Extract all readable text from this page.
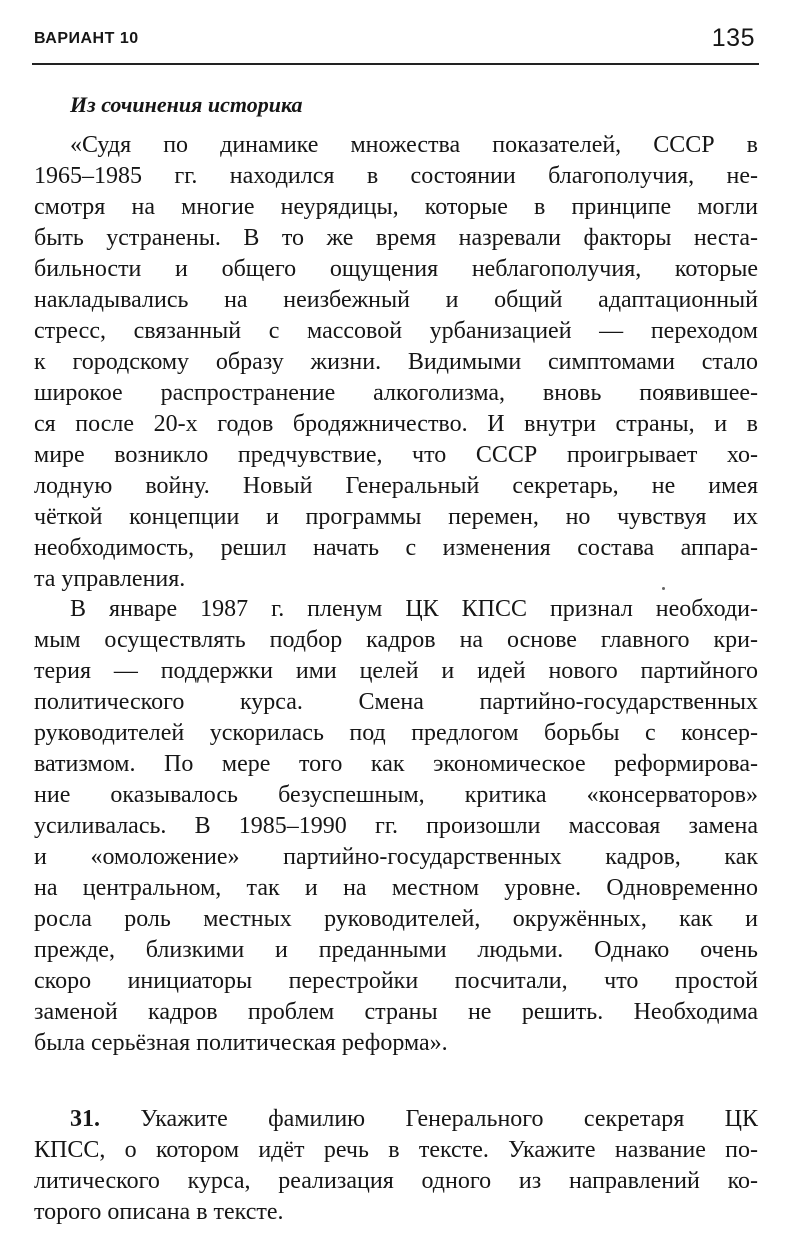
ВАРИАНТ 10	135
Из сочинения историка
«Судя по динамике множества показателей, СССР в
1965–1985 гг. находился в состоянии благополучия, не-
смотря на многие неурядицы, которые в принципе могли
быть устранены. В то же время назревали факторы неста-
бильности и общего ощущения неблагополучия, которые
накладывались на неизбежный и общий адаптационный
стресс, связанный с массовой урбанизацией — переходом
к городскому образу жизни. Видимыми симптомами стало
широкое распространение алкоголизма, вновь появившее-
ся после 20-х годов бродяжничество. И внутри страны, и в
мире возникло предчувствие, что СССР проигрывает хо-
лодную войну. Новый Генеральный секретарь, не имея
чёткой концепции и программы перемен, но чувствуя их
необходимость, решил начать с изменения состава аппара-
та управления.
В январе 1987 г. пленум ЦК КПСС признал необходи-
мым осуществлять подбор кадров на основе главного кри-
терия — поддержки ими целей и идей нового партийного
политического курса. Смена партийно-государственных
руководителей ускорилась под предлогом борьбы с консер-
ватизмом. По мере того как экономическое реформирова-
ние оказывалось безуспешным, критика «консерваторов»
усиливалась. В 1985–1990 гг. произошли массовая замена
и «омоложение» партийно-государственных кадров, как
на центральном, так и на местном уровне. Одновременно
росла роль местных руководителей, окружённых, как и
прежде, близкими и преданными людьми. Однако очень
скоро инициаторы перестройки посчитали, что простой
заменой кадров проблем страны не решить. Необходима
была серьёзная политическая реформа».
31. Укажите фамилию Генерального секретаря ЦК
КПСС, о котором идёт речь в тексте. Укажите название по-
литического курса, реализация одного из направлений ко-
торого описана в тексте.
